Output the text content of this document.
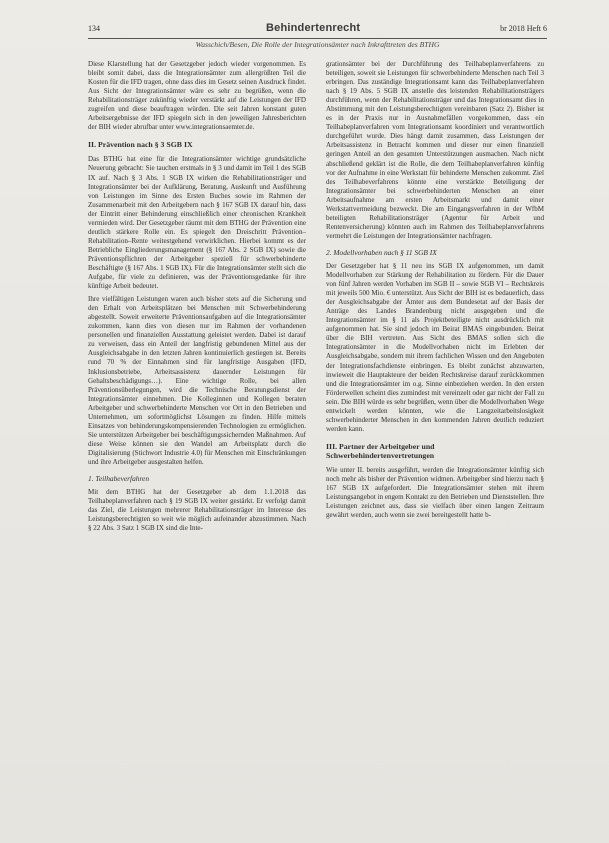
134	Behindertenrecht	br 2018 Heft 6
Wasschich/Besen, Die Rolle der Integrationsämter nach Inkrafttreten des BTHG

Diese Klarstellung hat der Gesetzgeber jedoch wieder vorgenommen. Es bleibt somit dabei, dass die Integrationsämter zum allergrößten Teil die Kosten für die IFD tragen, ohne dass dies im Gesetz seinen Ausdruck findet. Aus Sicht der Integrationsämter wäre es sehr zu begrüßen, wenn die Rehabilitationsträger zukünftig wieder verstärkt auf die Leistungen der IFD zugreifen und diese beauftragen würden. Die seit Jahren konstant guten Arbeitsergebnisse der IFD spiegeln sich in den jeweiligen Jahresberichten der BIH wieder abrufbar unter www.integrationsaemter.de.

II. Prävention nach § 3 SGB IX

Das BTHG hat eine für die Integrationsämter wichtige grundsätzliche Neuerung gebracht: Sie tauchen erstmals in § 3 und damit im Teil 1 des SGB IX auf. Nach § 3 Abs. 1 SGB IX wirken die Rehabilitationsträger und Integrationsämter bei der Aufklärung, Beratung, Auskunft und Ausführung von Leistungen im Sinne des Ersten Buches sowie im Rahmen der Zusammenarbeit mit den Arbeitgebern nach § 167 SGB IX darauf hin, dass der Eintritt einer Behinderung einschließlich einer chronischen Krankheit vermieden wird. Der Gesetzgeber räumt mit dem BTHG der Prävention eine deutlich stärkere Rolle ein. Es spiegelt den Dreischritt Prävention–Rehabilitation–Rente weitestgehend verwirklichen. Hierbei kommt es der Betriebliche Eingliederungsmanagement (§ 167 Abs. 2 SGB IX) sowie die Präventionspflichten der Arbeitgeber speziell für schwerbehinderte Beschäftigte (§ 167 Abs. 1 SGB IX). Für die Integrationsämter stellt sich die Aufgabe, für viele zu definieren, was der Präventionsgedanke für ihre künftige Arbeit bedeutet.

Ihre vielfältigen Leistungen waren auch bisher stets auf die Sicherung und den Erhalt von Arbeitsplätzen bei Menschen mit Schwerbehinderung abgestellt. Soweit erweiterte Präventionsaufgaben auf die Integrationsämter zukommen, kann dies von diesen nur im Rahmen der vorhandenen personellen und finanziellen Ausstattung geleistet werden. Dabei ist darauf zu verweisen, dass ein Anteil der langfristig gebundenen Mittel aus der Ausgleichsabgabe in den letzten Jahren kontinuierlich gestiegen ist. Bereits rund 70 % der Einnahmen sind für langfristige Ausgaben (IFD, Inklusionsbetriebe, Arbeitsassistenz dauernder Leistungen für Gehaltsbeschädigungs…). Eine wichtige Rolle, bei allen Präventionsüberlegungen, wird die Technische Beratungsdienst der Integrationsämter einnehmen. Die Kolleginnen und Kollegen beraten Arbeitgeber und schwerbehinderte Menschen vor Ort in den Betrieben und Unternehmen, um sofortmöglichst Lösungen zu finden. Hilfe mittels Einsatzes von behinderungskompensierenden Technologien zu ermöglichen. Sie unterstützen Arbeitgeber bei beschäftigungssichernden Maßnahmen. Auf diese Weise können sie den Wandel am Arbeitsplatz durch die Digitalisierung (Stichwort Industrie 4.0) für Menschen mit Einschränkungen und ihre Arbeitgeber ausgestalten helfen.

1. Teilhabeverfahren

Mit dem BTHG hat der Gesetzgeber ab dem 1.1.2018 das Teilhabeplanverfahren nach § 19 SGB IX weiter gestärkt. Er verfolgt damit das Ziel, die Leistungen mehrerer Rehabilitationsträger im Interesse des Leistungsberechtigten so weit wie möglich aufeinander abzustimmen. Nach § 22 Abs. 3 Satz 1 SGB IX sind die Inte-

grationsämter bei der Durchführung des Teilhabeplanverfahrens zu beteiligen, soweit sie Leistungen für schwerbehinderte Menschen nach Teil 3 erbringen. Das zuständige Integrationsamt kann das Teilhabeplanverfahren nach § 19 Abs. 5 SGB IX anstelle des leistenden Rehabilitationsträgers durchführen, wenn der Rehabilitationsträger und das Integrationsamt dies in Abstimmung mit den Leistungsberechtigten vereinbaren (Satz 2). Bisher ist es in der Praxis nur in Ausnahmefällen vorgekommen, dass ein Teilhabeplanverfahren vom Integrationsamt koordiniert und verantwortlich durchgeführt wurde. Dies hängt damit zusammen, dass Leistungen der Arbeitsassistenz in Betracht kommen und dieser nur einen finanziell geringen Anteil an den gesamten Unterstützungen ausmachen. Nach nicht abschließend geklärt ist die Rolle, die dem Teilhabeplanverfahren künftig vor der Aufnahme in eine Werkstatt für behinderte Menschen zukommt. Ziel des Teilhabeverfahrens könnte eine verstärkte Beteiligung der Integrationsämter bei schwerbehinderten Menschen an einer Arbeitsaufnahme am ersten Arbeitsmarkt und damit einer Werkstattvermeidung bezweckt. Die am Eingangsverfahren in der WfbM beteiligten Rehabilitationsträger (Agentur für Arbeit und Rentenversicherung) könnten auch im Rahmen des Teilhabeplanverfahrens vermehrt die Leistungen der Integrationsämter nachfragen.

2. Modellvorhaben nach § 11 SGB IX

Der Gesetzgeber hat § 11 neu ins SGB IX aufgenommen, um damit Modellvorhaben zur Stärkung der Rehabilitation zu fördern. Für die Dauer von fünf Jahren werden Vorhaben im SGB II – sowie SGB VI – Rechtskreis mit jeweils 500 Mio. € unterstützt. Aus Sicht der BIH ist es bedauerlich, dass der Ausgleichsabgabe der Ämter aus dem Bundesetat auf der Basis der Anträge des Landes Brandenburg nicht ausgegeben und die Integrationsämter im § 11 als Projektbeteiligte nicht ausdrücklich mit aufgenommen hat. Sie sind jedoch im Beirat BMAS eingebunden. Beirat über die BIH vertreten. Aus Sicht des BMAS sollen sich die Integrationsämter in die Modellvorhaben nicht im Erlebten der Ausgleichsabgabe, sondern mit ihrem fachlichen Wissen und den Angeboten der Integrationsfachdienste einbringen. Es bleibt zunächst abzuwarten, inwieweit die Hauptakteure der beiden Rechtskreise darauf zurückkommen und die Integrationsämter im o.g. Sinne einbeziehen werden. In den ersten Förderwellen scheint dies zumindest mit vereinzelt oder gar nicht der Fall zu sein. Die BIH würde es sehr begrüßen, wenn über die Modellvorhaben Wege entwickelt werden könnten, wie die Langzeitarbeitslosigkeit schwerbehinderter Menschen in den kommenden Jahren deutlich reduziert werden kann.

III. Partner der Arbeitgeber und Schwerbehindertenvertretungen

Wie unter II. bereits ausgeführt, werden die Integrationsämter künftig sich noch mehr als bisher der Prävention widmen. Arbeitgeber sind hierzu nach § 167 SGB IX aufgefordert. Die Integrationsämter stehen mit ihrem Leistungsangebot in engem Kontakt zu den Betrieben und Dienststellen. Ihre Leistungen zeichnet aus, dass sie vielfach über einen langen Zeitraum gewährt werden, auch wenn sie zwei bereitgestellt hatte b-
